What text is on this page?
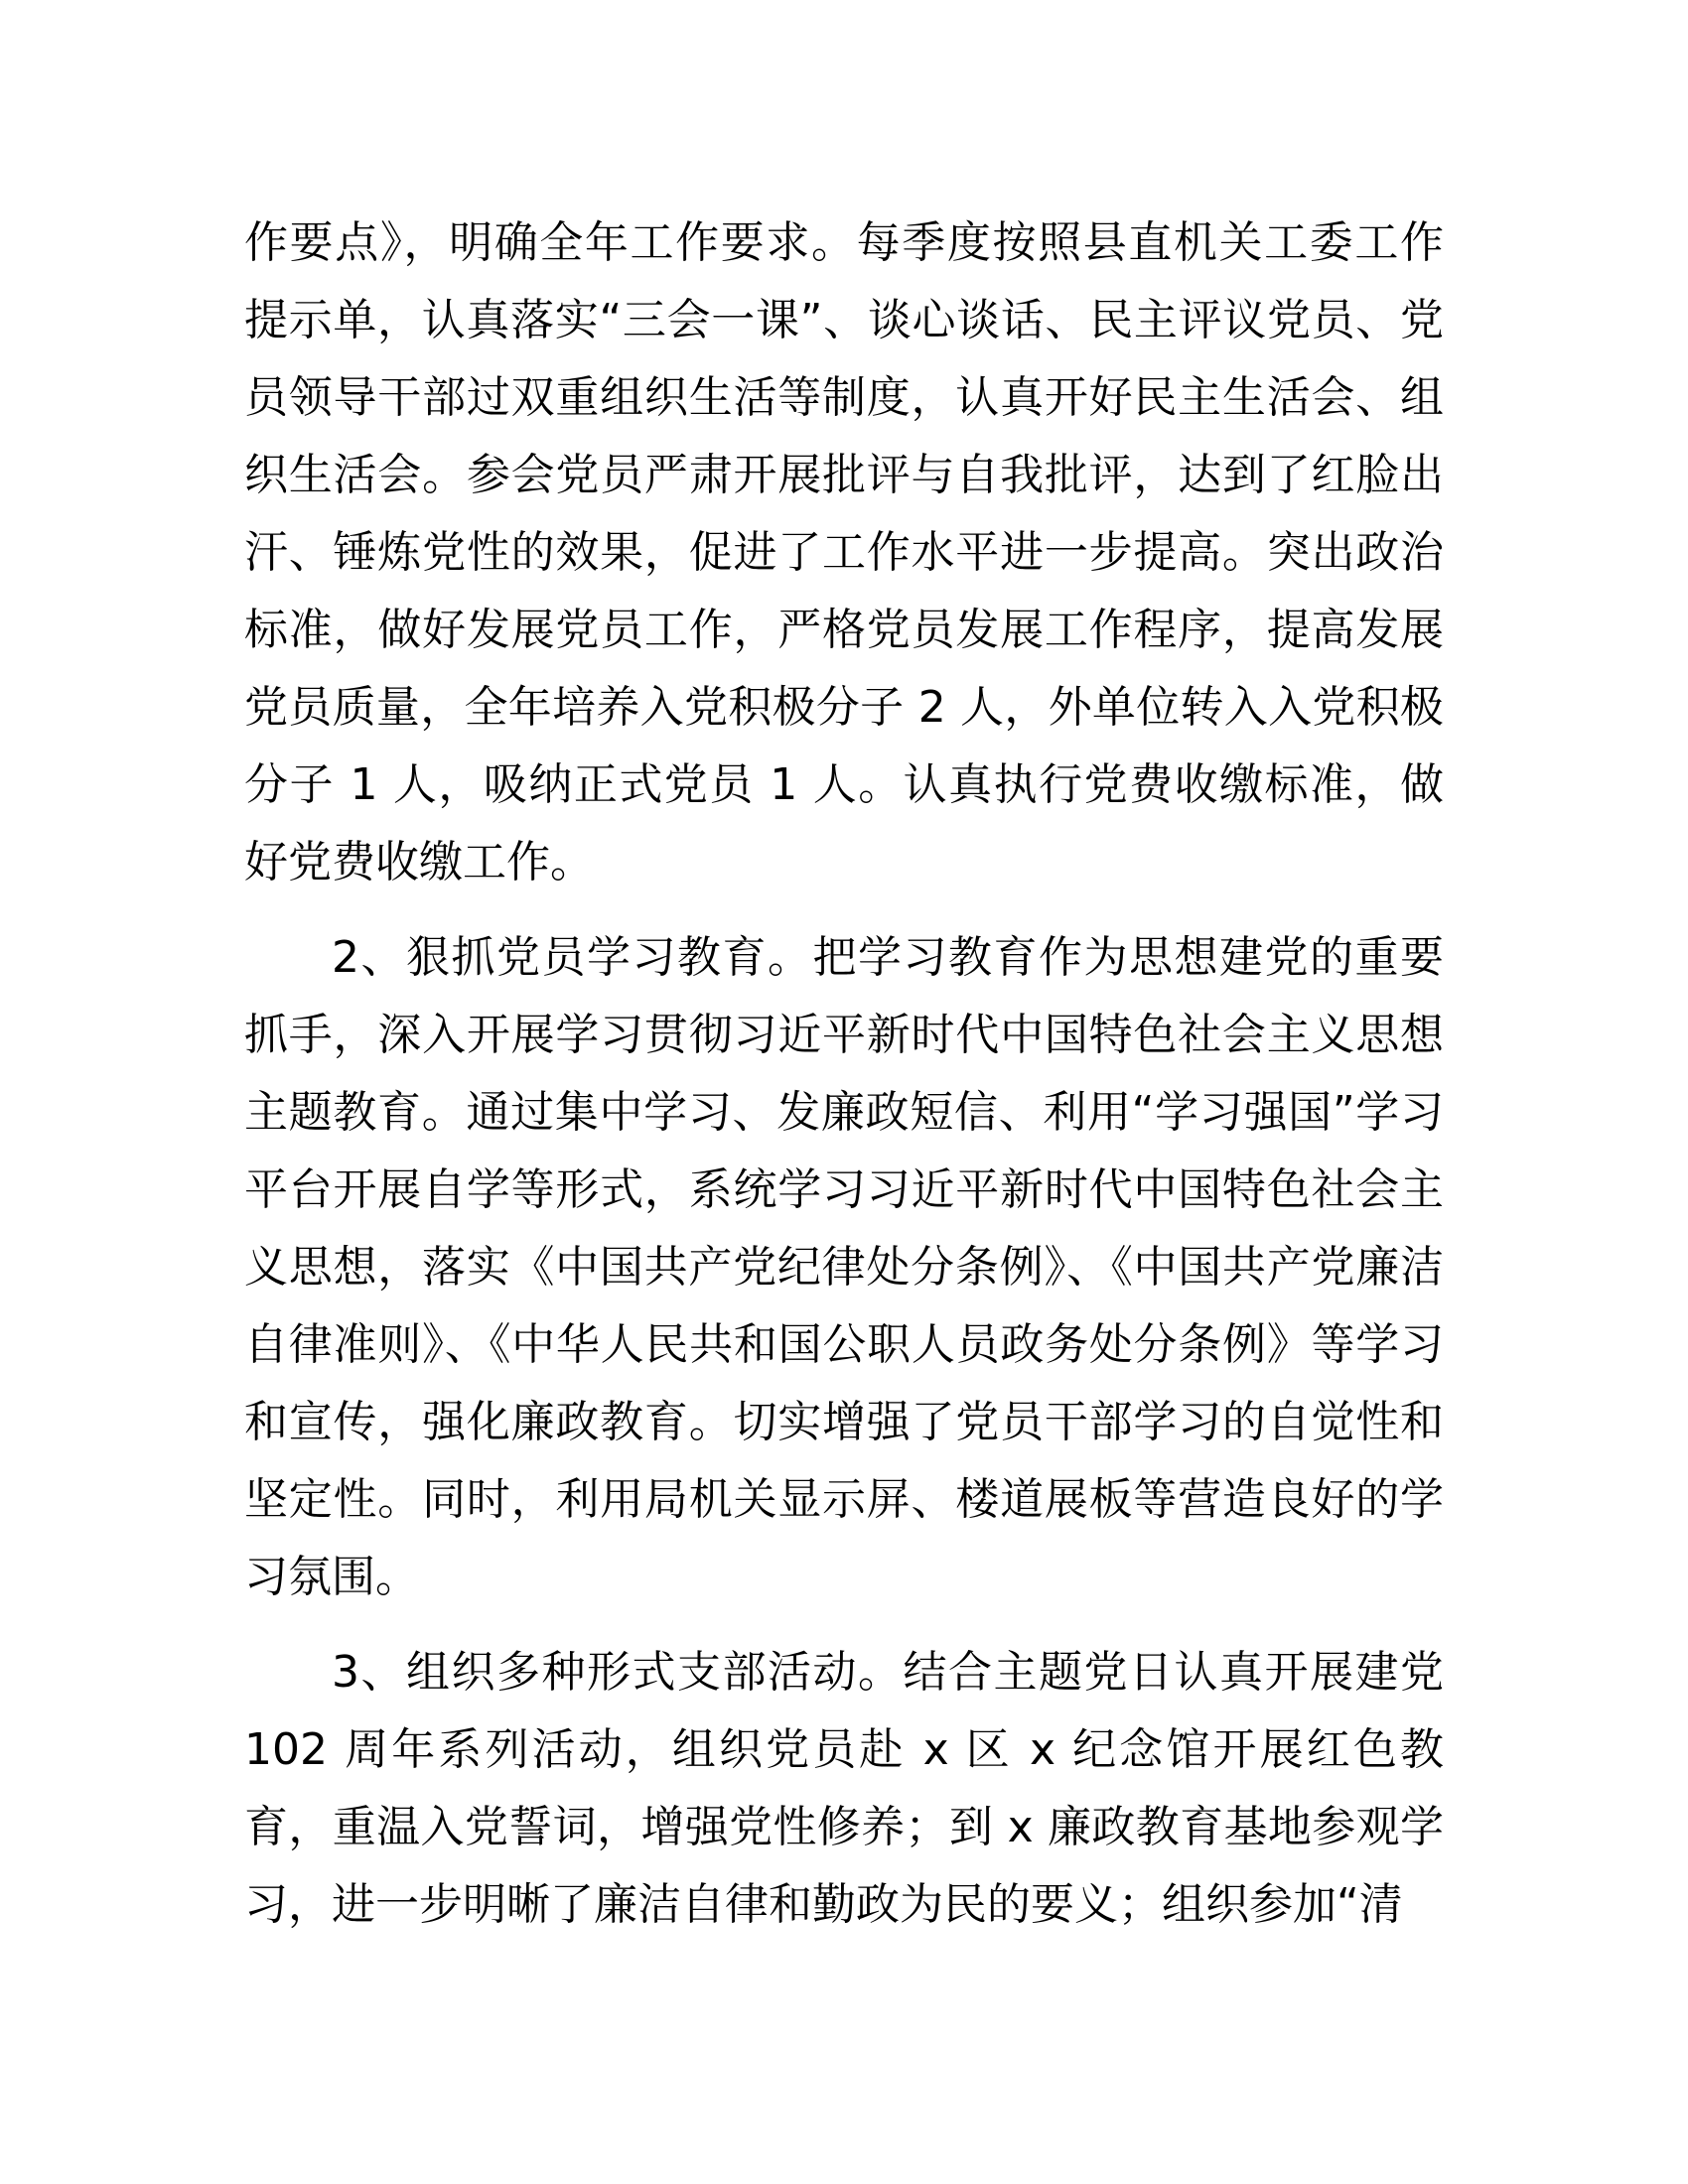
作要点》，明确全年工作要求。每季度按照县直机关工委工作提示单，认真落实“三会一课”、谈心谈话、民主评议党员、党员领导干部过双重组织生活等制度，认真开好民主生活会、组织生活会。参会党员严肃开展批评与自我批评，达到了红脸出汗、锤炼党性的效果，促进了工作水平进一步提高。突出政治标准，做好发展党员工作，严格党员发展工作程序，提高发展党员质量，全年培养入党积极分子 2 人，外单位转入入党积极分子 1 人，吸纳正式党员 1 人。认真执行党费收缴标准，做好党费收缴工作。

2、狠抓党员学习教育。把学习教育作为思想建党的重要抓手，深入开展学习贯彻习近平新时代中国特色社会主义思想主题教育。通过集中学习、发廉政短信、利用“学习强国”学习平台开展自学等形式，系统学习习近平新时代中国特色社会主义思想，落实《中国共产党纪律处分条例》、《中国共产党廉洁自律准则》、《中华人民共和国公职人员政务处分条例》等学习和宣传，强化廉政教育。切实增强了党员干部学习的自觉性和坚定性。同时，利用局机关显示屏、楼道展板等营造良好的学习氛围。

3、组织多种形式支部活动。结合主题党日认真开展建党 102 周年系列活动，组织党员赴 x 区 x 纪念馆开展红色教育，重温入党誓词，增强党性修养；到 x 廉政教育基地参观学习，进一步明晰了廉洁自律和勤政为民的要义；组织参加“清
